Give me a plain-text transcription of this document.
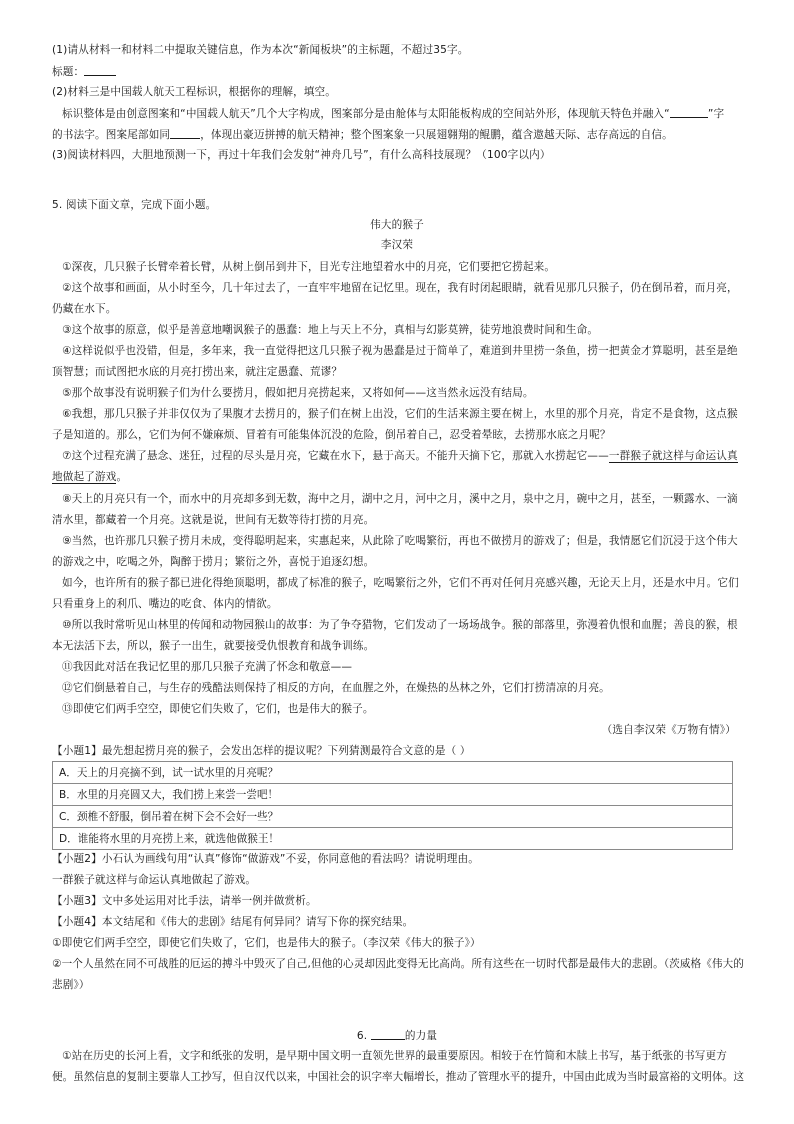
(1)请从材料一和材料二中提取关键信息，作为本次“新闻板块”的主标题，不超过35字。
标题：
(2)材料三是中国载人航天工程标识，根据你的理解，填空。
标识整体是由创意图案和“中国载人航天”几个大字构成，图案部分是由舱体与太阳能板构成的空间站外形，体现航天特色并融入“	”字
的书法字。图案尾部如同	，体现出豪迈拼搏的航天精神；整个图案象一只展翅翱翔的鲲鹏，蕴含遨越天际、志存高远的自信。
(3)阅读材料四，大胆地预测一下，再过十年我们会发射“神舟几号”，有什么高科技展现？（100字以内）
5. 阅读下面文章，完成下面小题。
伟大的猴子
李汉荣
①深夜，几只猴子长臂牵着长臂，从树上倒吊到井下，目光专注地望着水中的月亮，它们要把它捞起来。
②这个故事和画面，从小时至今，几十年过去了，一直牢牢地留在记忆里。现在，我有时闭起眼睛，就看见那几只猴子，仍在倒吊着，而月亮，
仍藏在水下。
③这个故事的原意，似乎是善意地嘲讽猴子的愚蠢：地上与天上不分，真相与幻影莫辨，徒劳地浪费时间和生命。
④这样说似乎也没错，但是，多年来，我一直觉得把这几只猴子视为愚蠢是过于简单了，难道到井里捞一条鱼，捞一把黄金才算聪明，甚至是绝
顶智慧；而试图把水底的月亮打捞出来，就注定愚蠢、荒谬？
⑤那个故事没有说明猴子们为什么要捞月，假如把月亮捞起来，又将如何——这当然永远没有结局。
⑥我想，那几只猴子并非仅仅为了果腹才去捞月的，猴子们在树上出没，它们的生活来源主要在树上，水里的那个月亮，肯定不是食物，这点猴
子是知道的。那么，它们为何不嫌麻烦、冒着有可能集体沉没的危险，倒吊着自己，忍受着晕眩，去捞那水底之月呢？
⑦这个过程充满了悬念、迷狂，过程的尽头是月亮，它藏在水下，悬于高天。不能升天摘下它，那就入水捞起它——一群猴子就这样与命运认真
地做起了游戏。
⑧天上的月亮只有一个，而水中的月亮却多到无数，海中之月，湖中之月，河中之月，溪中之月，泉中之月，碗中之月，甚至，一颗露水、一滴
清水里，都藏着一个月亮。这就是说，世间有无数等待打捞的月亮。
⑨当然，也许那几只猴子捞月未成，变得聪明起来，实惠起来，从此除了吃喝繁衍，再也不做捞月的游戏了；但是，我情愿它们沉浸于这个伟大
的游戏之中，吃喝之外，陶醉于捞月；繁衍之外，喜悦于追逐幻想。
如今，也许所有的猴子都已进化得绝顶聪明，都成了标准的猴子，吃喝繁衍之外，它们不再对任何月亮感兴趣，无论天上月，还是水中月。它们
只看重身上的利爪、嘴边的吃食、体内的情欲。
⑩所以我时常听见山林里的传闻和动物园猴山的故事：为了争夺猎物，它们发动了一场场战争。猴的部落里，弥漫着仇恨和血腥；善良的猴，根
本无法活下去，所以，猴子一出生，就要接受仇恨教育和战争训练。
⑪我因此对活在我记忆里的那几只猴子充满了怀念和敬意——
⑫它们倒悬着自己，与生存的残酷法则保持了相反的方向，在血腥之外，在燥热的丛林之外，它们打捞清凉的月亮。
⑬即使它们两手空空，即使它们失败了，它们，也是伟大的猴子。
（选自李汉荣《万物有情》）
【小题1】最先想起捞月亮的猴子，会发出怎样的提议呢？下列猜测最符合文意的是（ ）
A．天上的月亮摘不到，试一试水里的月亮呢？
B．水里的月亮圆又大，我们捞上来尝一尝吧！
C．颈椎不舒服，倒吊着在树下会不会好一些？
D．谁能将水里的月亮捞上来，就选他做猴王！
【小题2】小石认为画线句用“认真”修饰“做游戏”不妥，你同意他的看法吗？请说明理由。
一群猴子就这样与命运认真地做起了游戏。
【小题3】文中多处运用对比手法，请举一例并做赏析。
【小题4】本文结尾和《伟大的悲剧》结尾有何异同？请写下你的探究结果。
①即使它们两手空空，即使它们失败了，它们，也是伟大的猴子。（李汉荣《伟大的猴子》）
②一个人虽然在同不可战胜的厄运的搏斗中毁灭了自己,但他的心灵却因此变得无比高尚。所有这些在一切时代都是最伟大的悲剧。（茨威格《伟大的
悲剧》）
6.	的力量
①站在历史的长河上看，文字和纸张的发明，是早期中国文明一直领先世界的最重要原因。相较于在竹简和木牍上书写，基于纸张的书写更方
便。虽然信息的复制主要靠人工抄写，但自汉代以来，中国社会的识字率大幅增长，推动了管理水平的提升，中国由此成为当时最富裕的文明体。这
